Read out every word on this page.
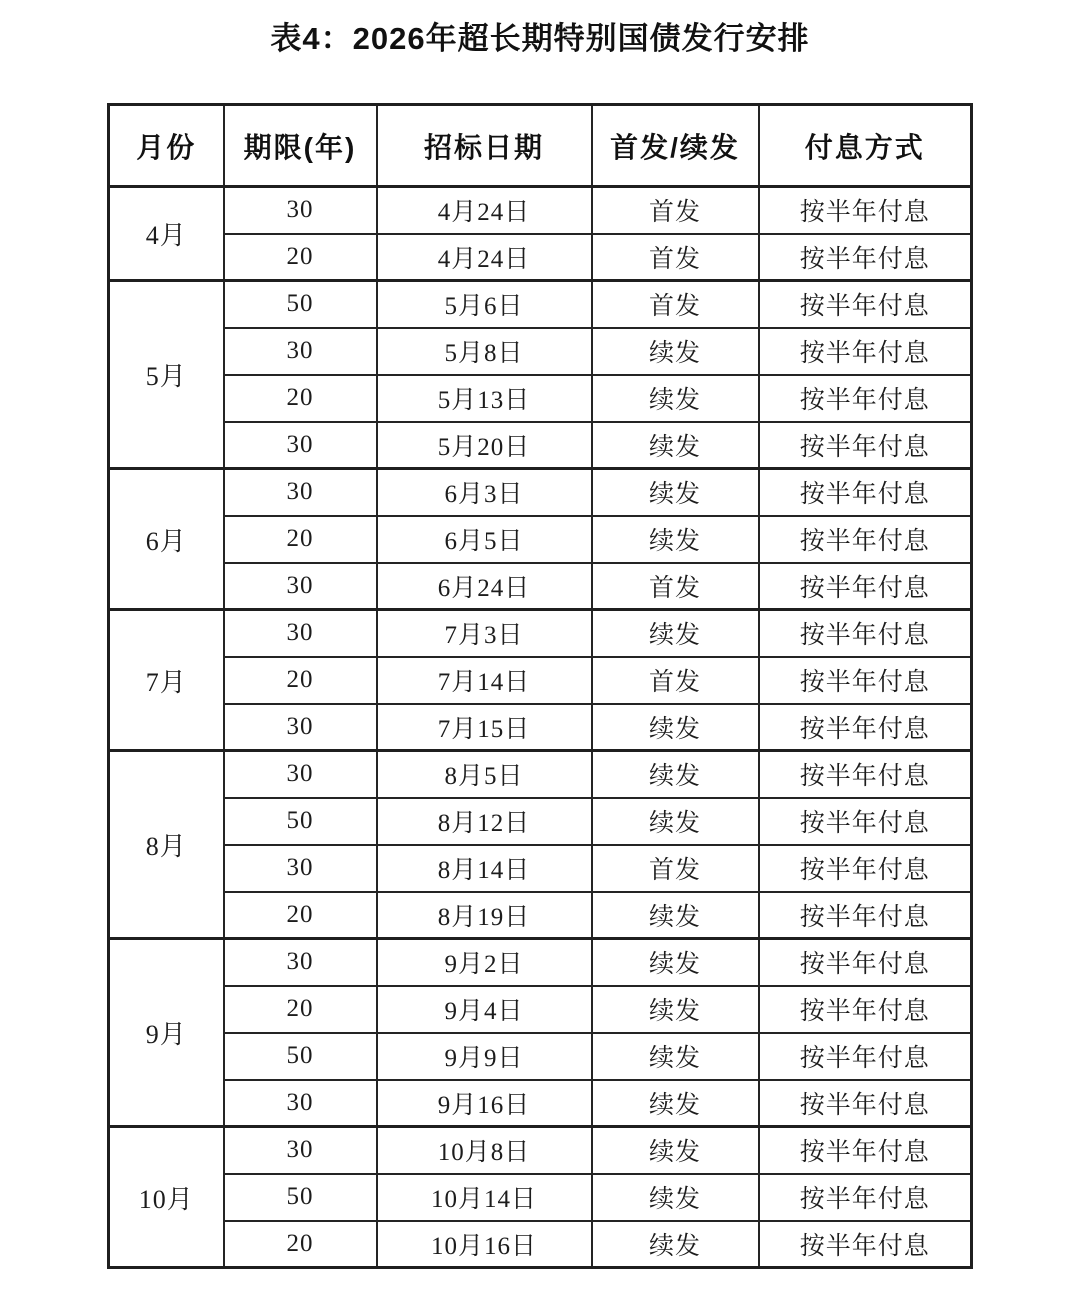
表4：2026年超长期特别国债发行安排
月份	期限(年)	招标日期	首发/续发	付息方式
4月	30	4月24日	首发	按半年付息
	20	4月24日	首发	按半年付息
5月	50	5月6日	首发	按半年付息
	30	5月8日	续发	按半年付息
	20	5月13日	续发	按半年付息
	30	5月20日	续发	按半年付息
6月	30	6月3日	续发	按半年付息
	20	6月5日	续发	按半年付息
	30	6月24日	首发	按半年付息
7月	30	7月3日	续发	按半年付息
	20	7月14日	首发	按半年付息
	30	7月15日	续发	按半年付息
8月	30	8月5日	续发	按半年付息
	50	8月12日	续发	按半年付息
	30	8月14日	首发	按半年付息
	20	8月19日	续发	按半年付息
9月	30	9月2日	续发	按半年付息
	20	9月4日	续发	按半年付息
	50	9月9日	续发	按半年付息
	30	9月16日	续发	按半年付息
10月	30	10月8日	续发	按半年付息
	50	10月14日	续发	按半年付息
	20	10月16日	续发	按半年付息
